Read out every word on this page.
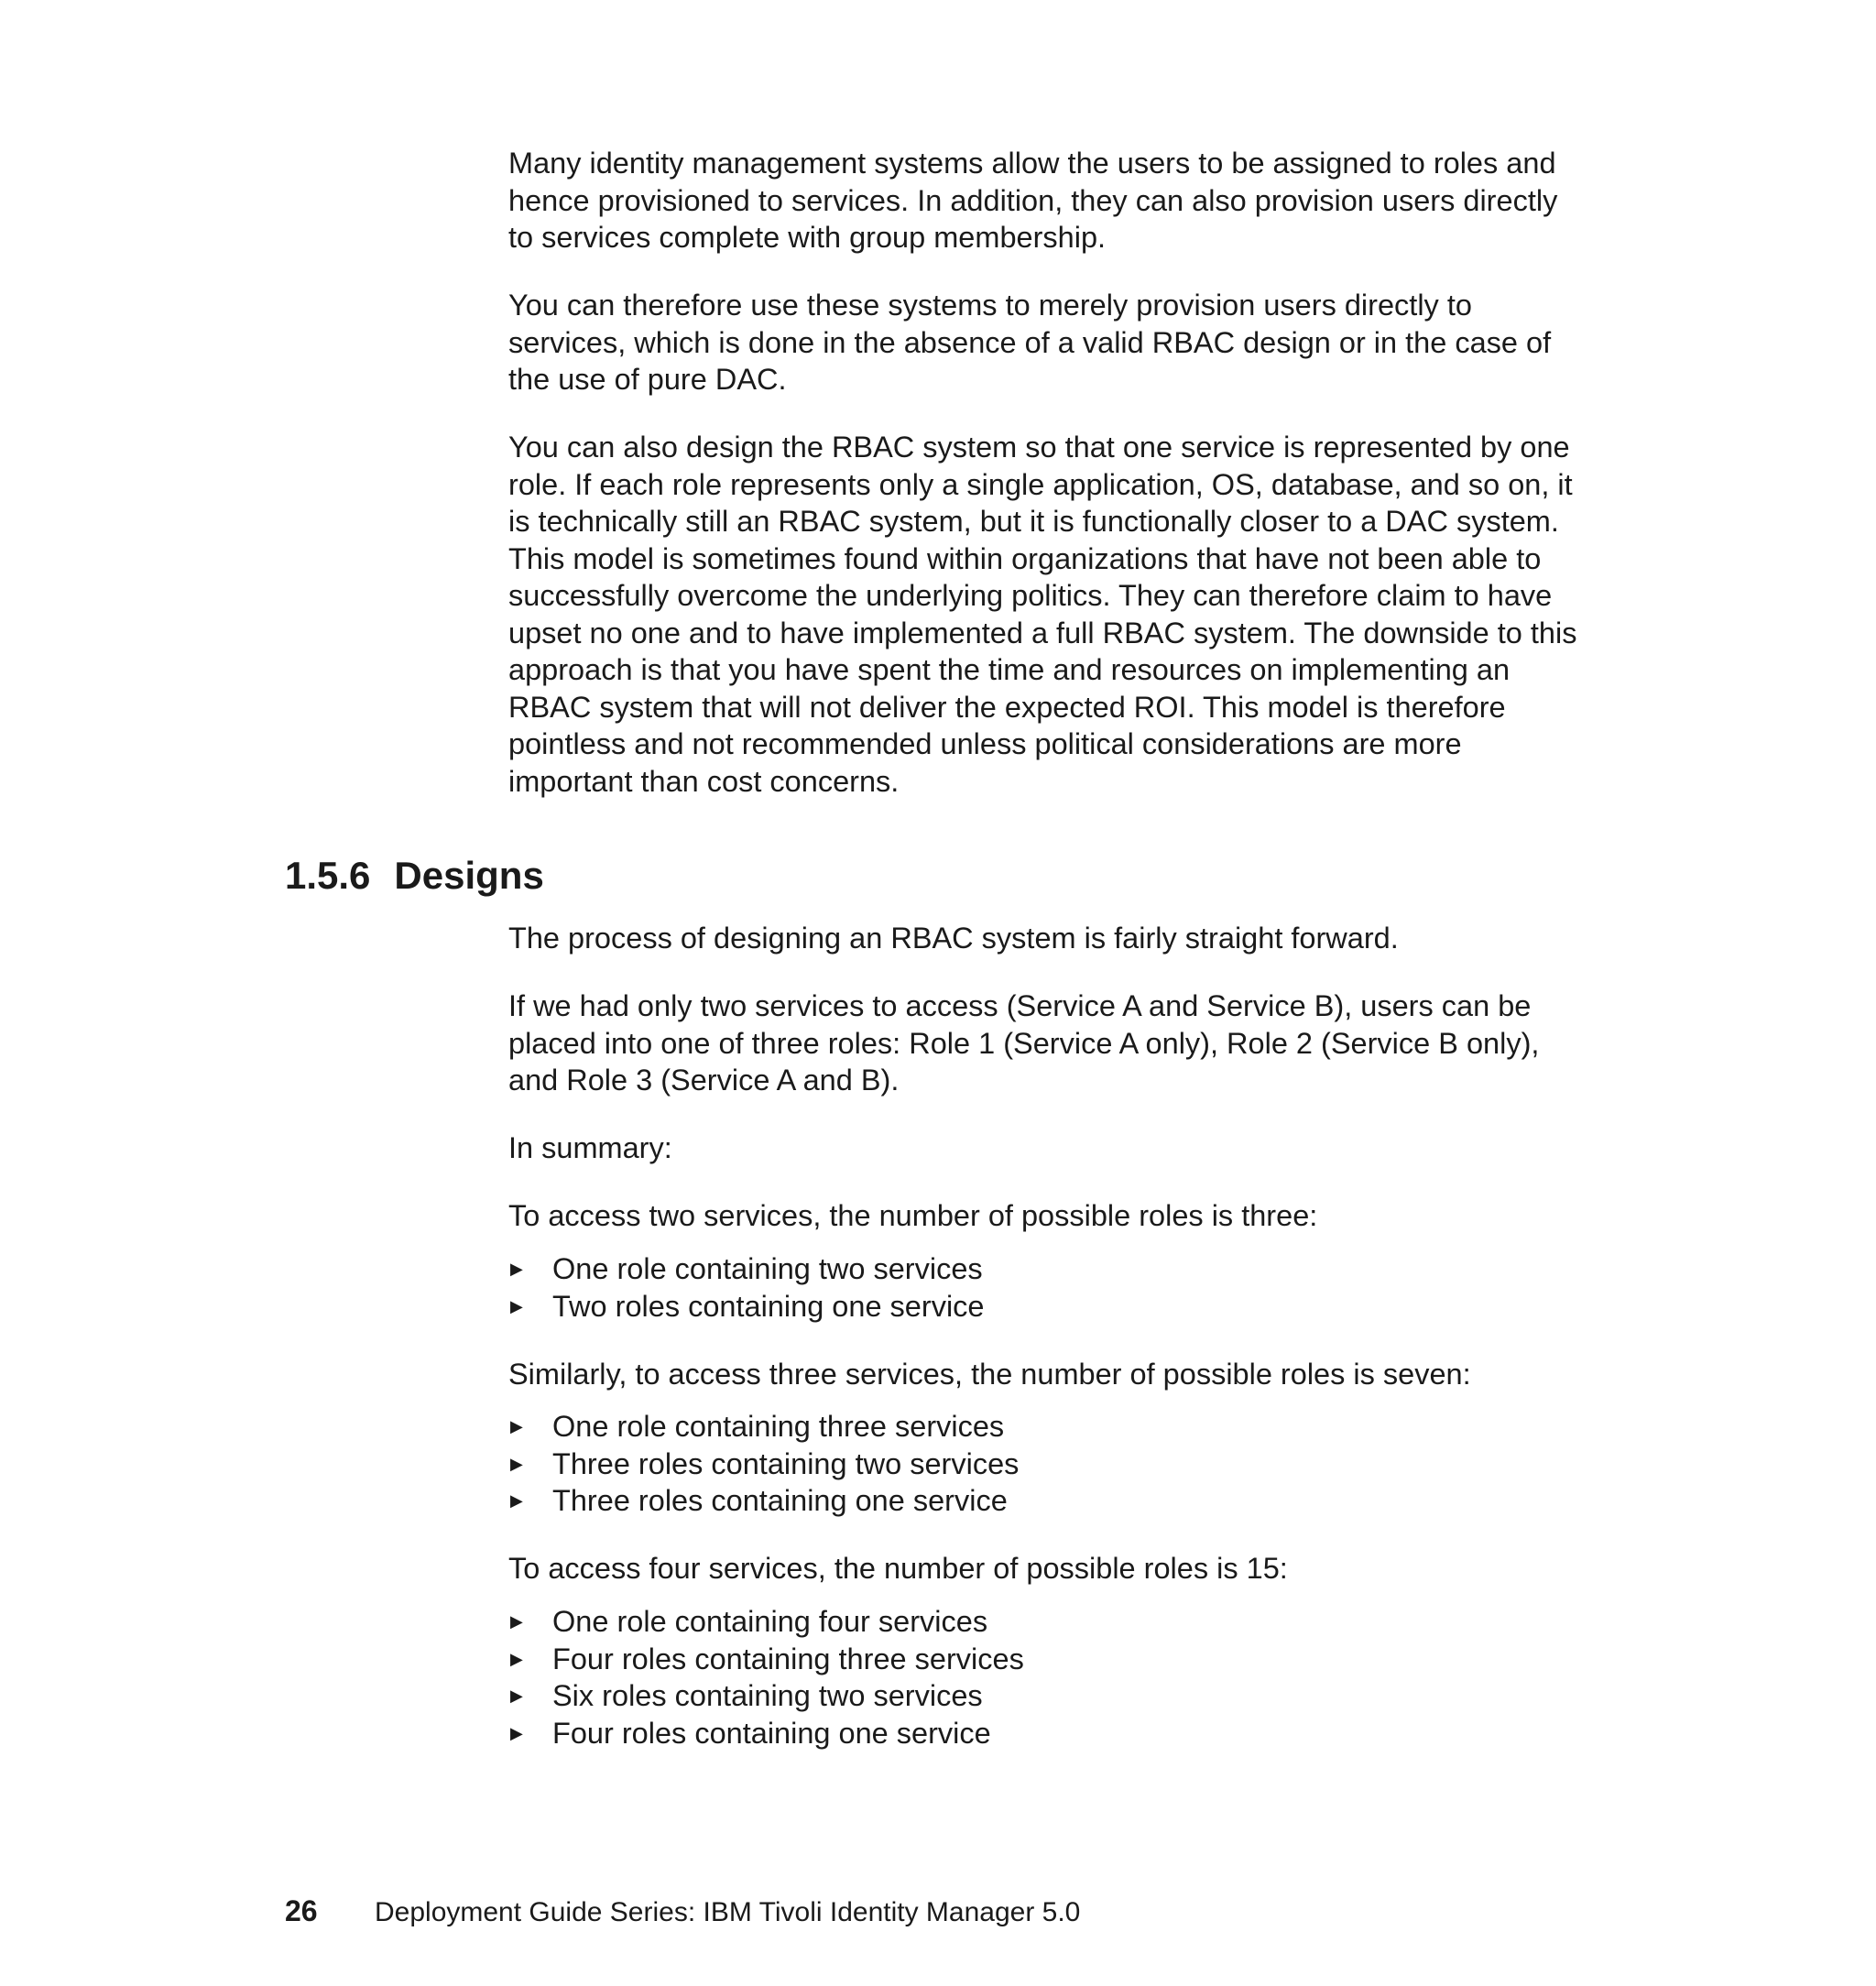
Many identity management systems allow the users to be assigned to roles and
hence provisioned to services. In addition, they can also provision users directly
to services complete with group membership.

You can therefore use these systems to merely provision users directly to
services, which is done in the absence of a valid RBAC design or in the case of
the use of pure DAC.

You can also design the RBAC system so that one service is represented by one
role. If each role represents only a single application, OS, database, and so on, it
is technically still an RBAC system, but it is functionally closer to a DAC system.
This model is sometimes found within organizations that have not been able to
successfully overcome the underlying politics. They can therefore claim to have
upset no one and to have implemented a full RBAC system. The downside to this
approach is that you have spent the time and resources on implementing an
RBAC system that will not deliver the expected ROI. This model is therefore
pointless and not recommended unless political considerations are more
important than cost concerns.

1.5.6 Designs

The process of designing an RBAC system is fairly straight forward.

If we had only two services to access (Service A and Service B), users can be
placed into one of three roles: Role 1 (Service A only), Role 2 (Service B only),
and Role 3 (Service A and B).

In summary:

To access two services, the number of possible roles is three:

▶ One role containing two services
▶ Two roles containing one service

Similarly, to access three services, the number of possible roles is seven:

▶ One role containing three services
▶ Three roles containing two services
▶ Three roles containing one service

To access four services, the number of possible roles is 15:

▶ One role containing four services
▶ Four roles containing three services
▶ Six roles containing two services
▶ Four roles containing one service
26 Deployment Guide Series: IBM Tivoli Identity Manager 5.0
